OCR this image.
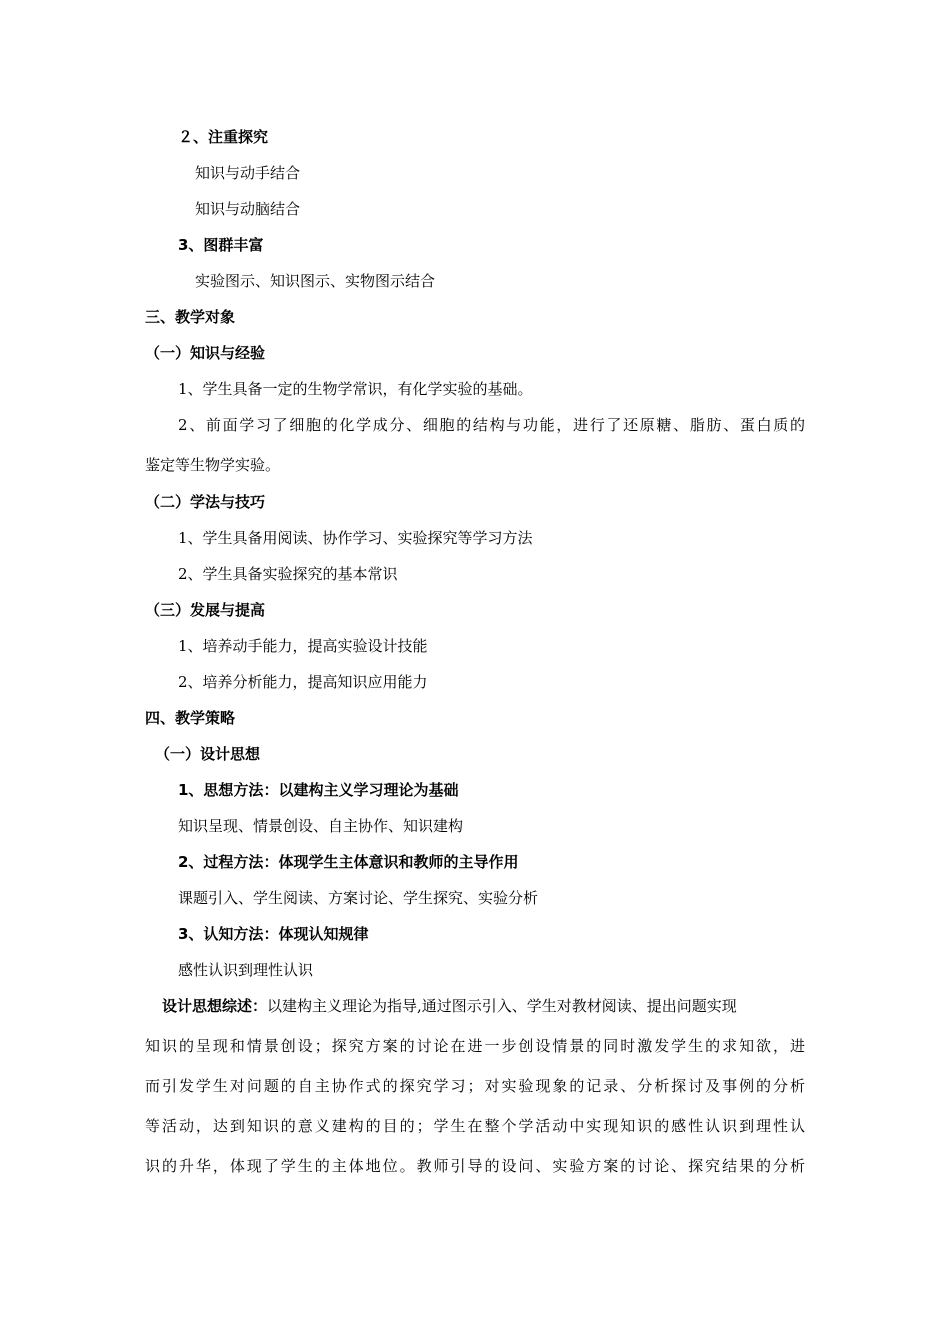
２、注重探究
知识与动手结合
知识与动脑结合
3、图群丰富
实验图示、知识图示、实物图示结合
三、教学对象
（一）知识与经验
1、学生具备一定的生物学常识，有化学实验的基础。
2、前面学习了细胞的化学成分、细胞的结构与功能，进行了还原糖、脂肪、蛋白质的
鉴定等生物学实验。
（二）学法与技巧
1、学生具备用阅读、协作学习、实验探究等学习方法
2、学生具备实验探究的基本常识
（三）发展与提高
1、培养动手能力，提高实验设计技能
2、培养分析能力，提高知识应用能力
四、教学策略
（一）设计思想
1、思想方法：以建构主义学习理论为基础
知识呈现、情景创设、自主协作、知识建构
2、过程方法：体现学生主体意识和教师的主导作用
课题引入、学生阅读、方案讨论、学生探究、实验分析
3、认知方法：体现认知规律
感性认识到理性认识
设计思想综述：以建构主义理论为指导,通过图示引入、学生对教材阅读、提出问题实现
知识的呈现和情景创设；探究方案的讨论在进一步创设情景的同时激发学生的求知欲，进
而引发学生对问题的自主协作式的探究学习；对实验现象的记录、分析探讨及事例的分析
等活动，达到知识的意义建构的目的；学生在整个学活动中实现知识的感性认识到理性认
识的升华，体现了学生的主体地位。教师引导的设问、实验方案的讨论、探究结果的分析
